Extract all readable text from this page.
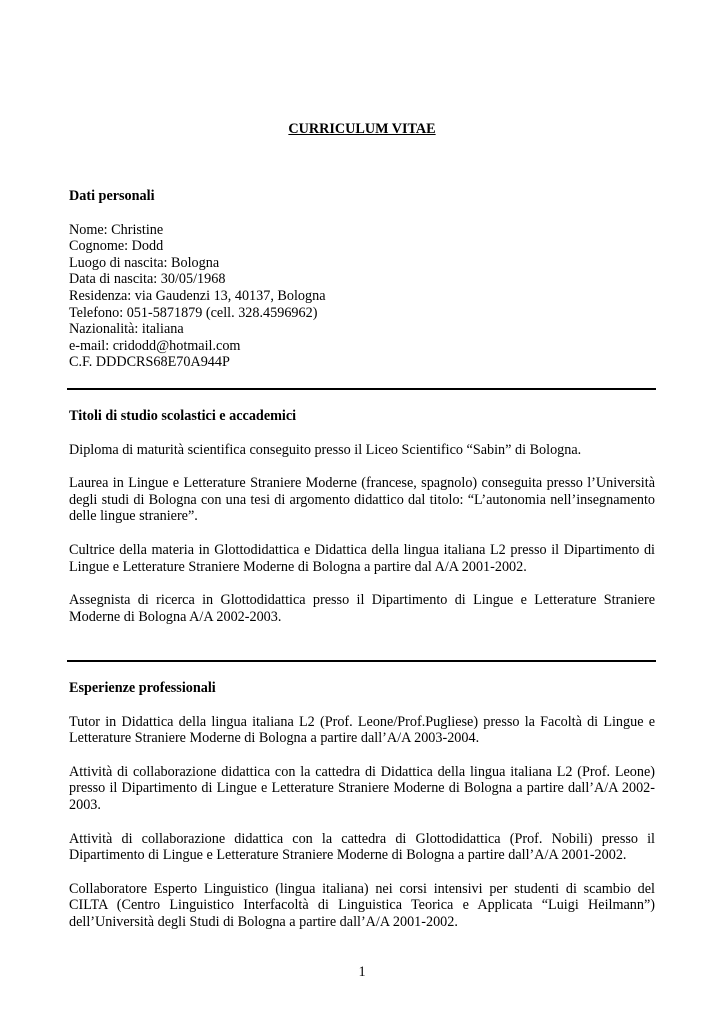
CURRICULUM VITAE

Dati personali

Nome: Christine
Cognome: Dodd
Luogo di nascita: Bologna
Data di nascita: 30/05/1968
Residenza: via Gaudenzi 13, 40137, Bologna
Telefono: 051-5871879 (cell. 328.4596962)
Nazionalità: italiana
e-mail: cridodd@hotmail.com
C.F. DDDCRS68E70A944P

Titoli di studio scolastici e accademici

Diploma di maturità scientifica conseguito presso il Liceo Scientifico “Sabin” di Bologna.

Laurea in Lingue e Letterature Straniere Moderne (francese, spagnolo) conseguita presso l’Università degli studi di Bologna con una tesi di argomento didattico dal titolo: “L’autonomia nell’insegnamento delle lingue straniere”.

Cultrice della materia in Glottodidattica e Didattica della lingua italiana L2 presso il Dipartimento di Lingue e Letterature Straniere Moderne di Bologna a partire dal A/A 2001-2002.

Assegnista di ricerca in Glottodidattica presso il Dipartimento di Lingue e Letterature Straniere Moderne di Bologna A/A 2002-2003.

Esperienze professionali

Tutor in Didattica della lingua italiana L2 (Prof. Leone/Prof.Pugliese) presso la Facoltà di Lingue e Letterature Straniere Moderne di Bologna a partire dall’A/A 2003-2004.

Attività di collaborazione didattica con la cattedra di Didattica della lingua italiana L2 (Prof. Leone) presso il Dipartimento di Lingue e Letterature Straniere Moderne di Bologna a partire dall’A/A 2002-2003.

Attività di collaborazione didattica con la cattedra di Glottodidattica (Prof. Nobili) presso il Dipartimento di Lingue e Letterature Straniere Moderne di Bologna a partire dall’A/A 2001-2002.

Collaboratore Esperto Linguistico (lingua italiana) nei corsi intensivi per studenti di scambio del CILTA (Centro Linguistico Interfacoltà di Linguistica Teorica e Applicata “Luigi Heilmann”) dell’Università degli Studi di Bologna a partire dall’A/A 2001-2002.

1
